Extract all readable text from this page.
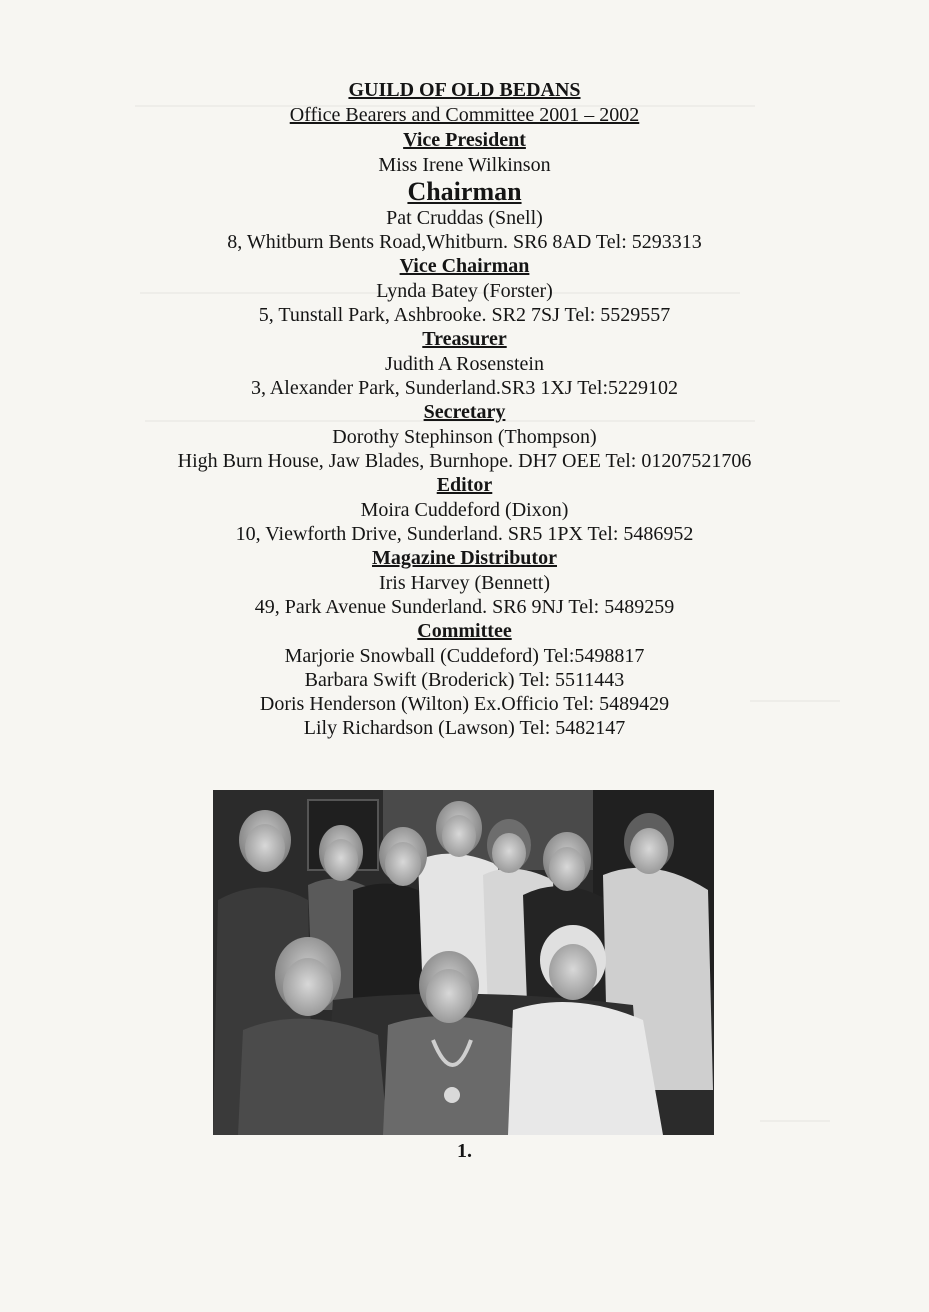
GUILD OF OLD BEDANS
Office Bearers and Committee 2001 – 2002
Vice President
Miss Irene Wilkinson
Chairman
Pat Cruddas (Snell)
8, Whitburn Bents Road,Whitburn. SR6 8AD Tel: 5293313
Vice Chairman
Lynda Batey (Forster)
5, Tunstall Park, Ashbrooke. SR2 7SJ Tel: 5529557
Treasurer
Judith A Rosenstein
3, Alexander Park, Sunderland.SR3 1XJ Tel:5229102
Secretary
Dorothy Stephinson (Thompson)
High Burn House, Jaw Blades, Burnhope. DH7 OEE Tel: 01207521706
Editor
Moira Cuddeford (Dixon)
10, Viewforth Drive, Sunderland. SR5 1PX Tel: 5486952
Magazine Distributor
Iris Harvey (Bennett)
49, Park Avenue Sunderland. SR6 9NJ Tel: 5489259
Committee
Marjorie Snowball (Cuddeford) Tel:5498817
Barbara Swift (Broderick) Tel: 5511443
Doris Henderson (Wilton) Ex.Officio Tel: 5489429
Lily Richardson (Lawson) Tel: 5482147
1.
